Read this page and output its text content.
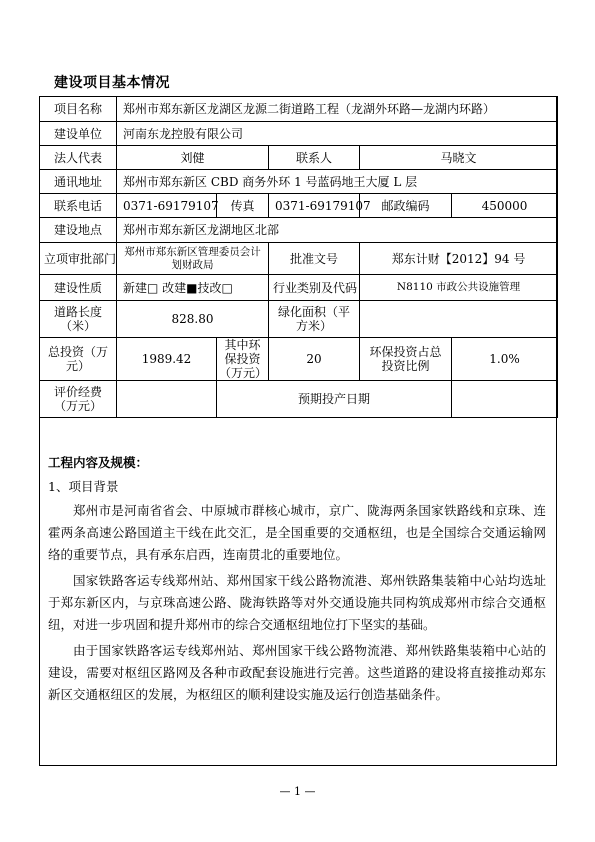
建设项目基本情况
项目名称	郑州市郑东新区龙湖区龙源二街道路工程（龙湖外环路—龙湖内环路）				
建设单位	河南东龙控股有限公司				
法人代表	刘健		联系人	马晓文	
通讯地址	郑州市郑东新区 CBD 商务外环 1 号蓝码地王大厦 L 层				
联系电话	0371-69179107	传真	0371-69179107	邮政编码	450000
建设地点	郑州市郑东新区龙湖地区北部				
立项审批部门	郑州市郑东新区管理委员会计划财政局		批准文号	郑东计财【2012】94 号	
建设性质	新建□ 改建■技改□		行业类别及代码	N8110 市政公共设施管理	
道路长度（米）	828.80		绿化面积（平方米）		
总投资（万元）	1989.42	其中环保投资（万元）	20	环保投资占总投资比例	1.0%
评价经费（万元）		预期投产日期			
工程内容及规模：
1、项目背景

郑州市是河南省省会、中原城市群核心城市，京广、陇海两条国家铁路线和京珠、连霍两条高速公路国道主干线在此交汇，是全国重要的交通枢纽，也是全国综合交通运输网络的重要节点，具有承东启西，连南贯北的重要地位。

国家铁路客运专线郑州站、郑州国家干线公路物流港、郑州铁路集装箱中心站均选址于郑东新区内，与京珠高速公路、陇海铁路等对外交通设施共同构筑成郑州市综合交通枢纽，对进一步巩固和提升郑州市的综合交通枢纽地位打下坚实的基础。

由于国家铁路客运专线郑州站、郑州国家干线公路物流港、郑州铁路集装箱中心站的建设，需要对枢纽区路网及各种市政配套设施进行完善。这些道路的建设将直接推动郑东新区交通枢纽区的发展，为枢纽区的顺利建设实施及运行创造基础条件。

— 1 —
